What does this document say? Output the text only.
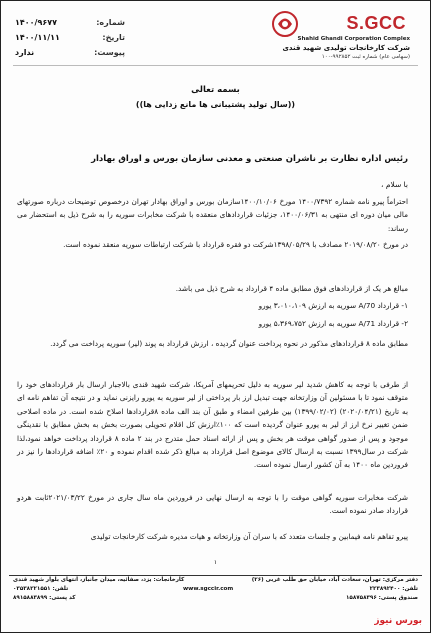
S.GCC
Shahid Ghandi Corporation Complex
شرکت کارخانجات تولیدی شهید قندی
(سهامی عام) شماره ثبت ۹۹۲۸۵۲-۱۰۰
شماره:
۱۴۰۰/۹۶۷۷
تاریخ:
۱۴۰۰/۱۱/۱۱
پیوست:
ندارد
بسمه تعالی
((سال تولید پشتیبانی ها مانع زدایی ها))
رئیس اداره نظارت بر ناشران صنعتی و معدنی سازمان بورس و اوراق بهادار
با سلام ،
احتراماً پیرو نامه شماره ۱۴۰۰/۷۳۹۲ مورخ ۱۴۰۰/۱۰/۰۶سازمان بورس و اوراق بهادار تهران درخصوص توضیحات درباره صورتهای مالی میان دوره ای منتهی به ۱۴۰۰/۰۶/۳۱، جزئیات قراردادهای منعقده با شرکت مخابرات سوریه را به شرح ذیل به استحضار می رساند:
در مورخ ۲۰۱۹/۰۸/۲۰ مصادف با ۱۳۹۸/۰۵/۲۹شرکت دو فقره قرارداد با شرکت ارتباطات سوریه منعقد نموده است.
مبالغ هر یک از قراردادهای فوق مطابق ماده ۴ قرارداد به شرح ذیل می باشد.
۱- قرارداد A/70 سوریه به ارزش ۳،۰۱۰،۱۰۹ یورو
۲- قرارداد A/71 سوریه به ارزش ۵،۳۶۹،۷۵۲ یورو
مطابق ماده ۸ قراردادهای مذکور در نحوه پرداخت عنوان گردیده ، ارزش قرارداد به پوند (لیر) سوریه پرداخت می گردد.
از طرفی با توجه به کاهش شدید لیر سوریه به دلیل تحریمهای آمریکا، شرکت شهید قندی بالاجبار ارسال بار قراردادهای خود را متوقف نمود تا با مسئولین آن وزارتخانه جهت تبدیل ارز بار پرداختی از لیر سوریه به یورو رایزنی نماید و در نتیجه آن تفاهم نامه ای به تاریخ (۲۰۲۰/۰۴/۲۱) (۱۳۹۹/۰۲/۰۲) بین طرفین امضاء و طبق آن بند الف ماده ۸قراردادها اصلاح شده است. در ماده اصلاحی ضمن تغییر نرخ ارز از لیر به یورو عنوان گردیده است که ۱۰۰٪ارزش کل اقلام تحویلی بصورت بخش به بخش مطابق با نقدینگی موجود و پس از صدور گواهی موقت هر بخش و پس از ارائه اسناد حمل متدرج در بند ۲ ماده ۸ قرارداد پرداخت خواهد نمود،لذا شرکت در سال۱۳۹۹ نسبت به ارسال کالای موضوع اصل قرارداد به مبالغ ذکر شده اقدام نموده و ۲۰٪ اضافه قراردادها را نیز در فروردین ماه ۱۴۰۰ به آن کشور ارسال نموده است.
شرکت مخابرات سوریه گواهی موقت را با توجه به ارسال نهایی در فروردین ماه سال جاری در مورخ ۲۰۲۱/۰۳/۲۲ثابت هردو قرارداد صادر نموده است.
پیرو تفاهم نامه فیمابین و جلسات متعدد که با سران آن وزارتخانه و هیات مدیره شرکت کارخانجات تولیدی
۱
دفتر مرکزی: تهران، سعادت آباد، خیابان حق طلب غربی (۲۶)
کارخانجات: یزد، صفائیه، میدان جانباز، انتهای بلوار شهید قندی
تلفن: ۲۲۳۸۹۲۴۰۰
www.sgccir.com
تلفن: ۰۳۵۳۸۲۲۱۵۵۱
صندوق پستی: ۱۵۸۷۵۸۳۹۶
کد پستی: ۸۹۱۵۸۸۳۸۹۹
بورس نیوز
